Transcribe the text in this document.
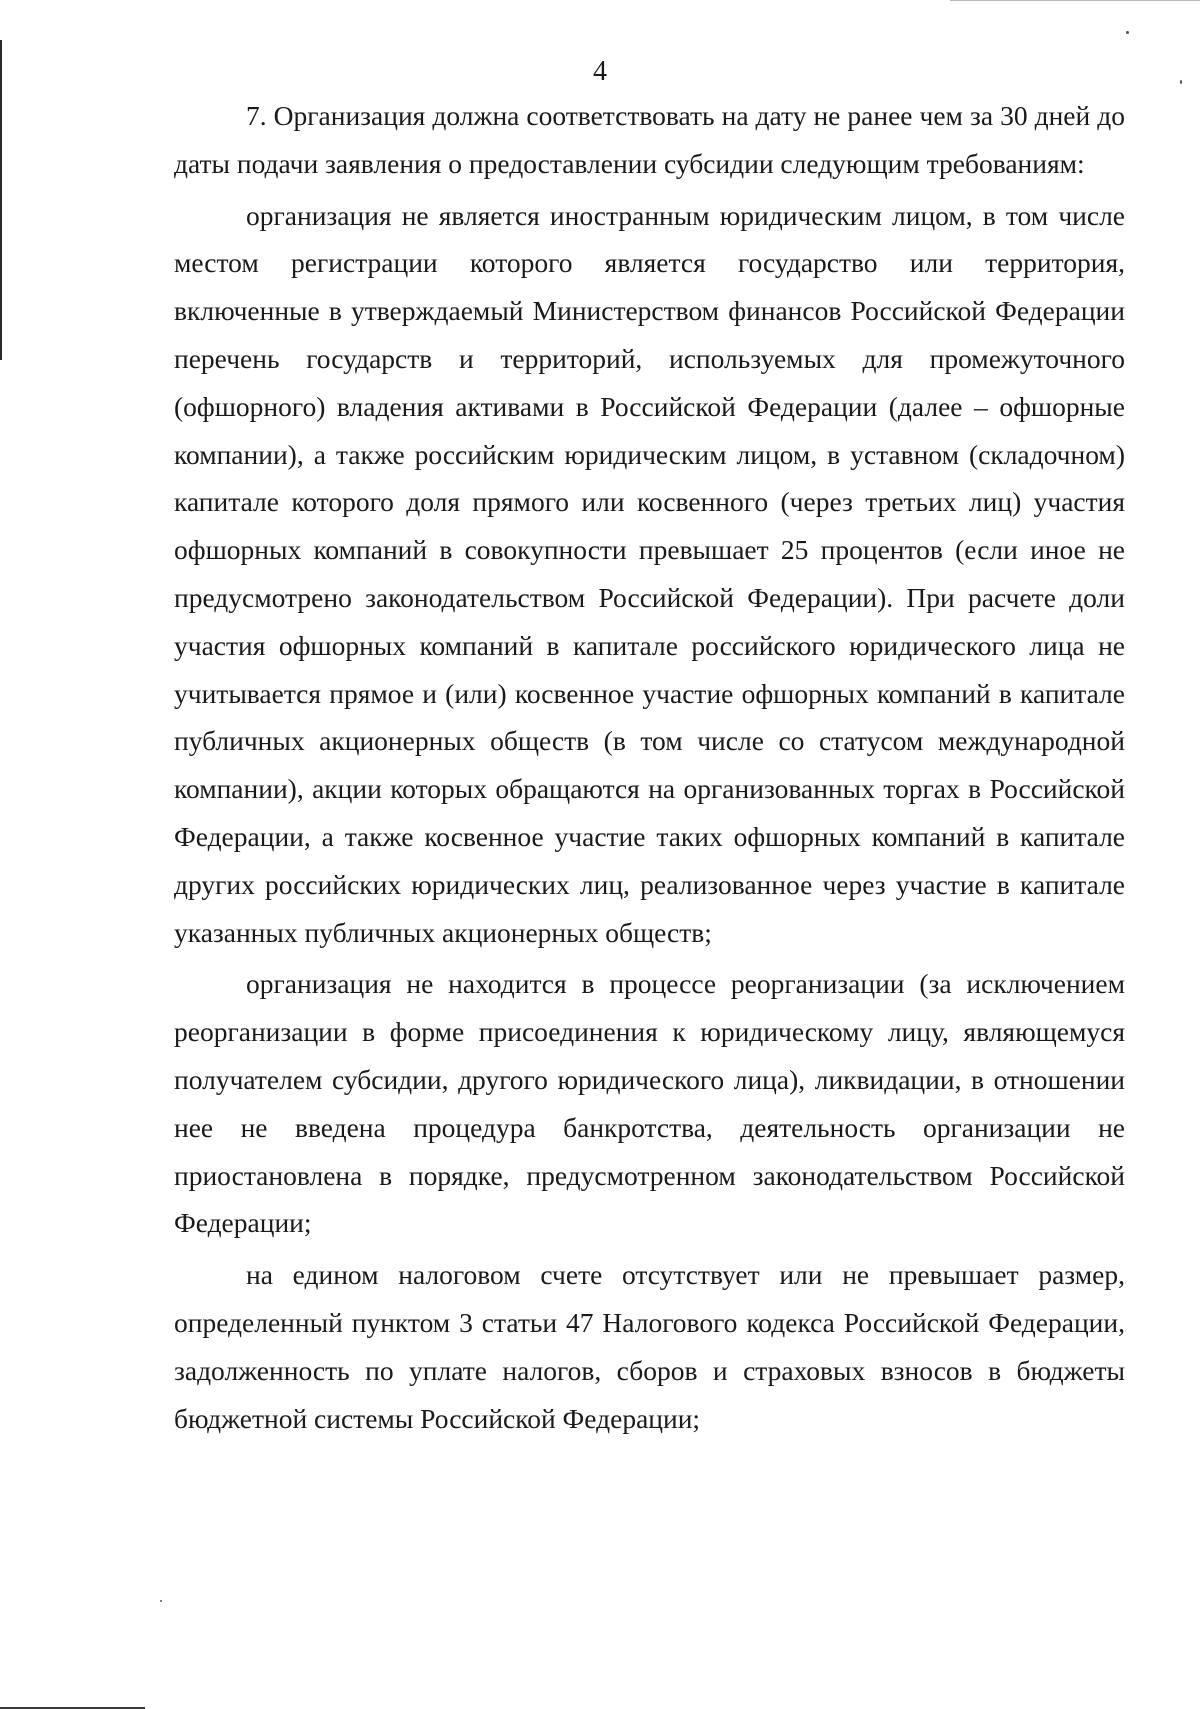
4

7. Организация должна соответствовать на дату не ранее чем за 30 дней до даты подачи заявления о предоставлении субсидии следующим требованиям:

организация не является иностранным юридическим лицом, в том числе местом регистрации которого является государство или территория, включенные в утверждаемый Министерством финансов Российской Федерации перечень государств и территорий, используемых для промежуточного (офшорного) владения активами в Российской Федерации (далее – офшорные компании), а также российским юридическим лицом, в уставном (складочном) капитале которого доля прямого или косвенного (через третьих лиц) участия офшорных компаний в совокупности превышает 25 процентов (если иное не предусмотрено законодательством Российской Федерации). При расчете доли участия офшорных компаний в капитале российского юридического лица не учитывается прямое и (или) косвенное участие офшорных компаний в капитале публичных акционерных обществ (в том числе со статусом международной компании), акции которых обращаются на организованных торгах в Российской Федерации, а также косвенное участие таких офшорных компаний в капитале других российских юридических лиц, реализованное через участие в капитале указанных публичных акционерных обществ;

организация не находится в процессе реорганизации (за исключением реорганизации в форме присоединения к юридическому лицу, являющемуся получателем субсидии, другого юридического лица), ликвидации, в отношении нее не введена процедура банкротства, деятельность организации не приостановлена в порядке, предусмотренном законодательством Российской Федерации;

на едином налоговом счете отсутствует или не превышает размер, определенный пунктом 3 статьи 47 Налогового кодекса Российской Федерации, задолженность по уплате налогов, сборов и страховых взносов в бюджеты бюджетной системы Российской Федерации;
